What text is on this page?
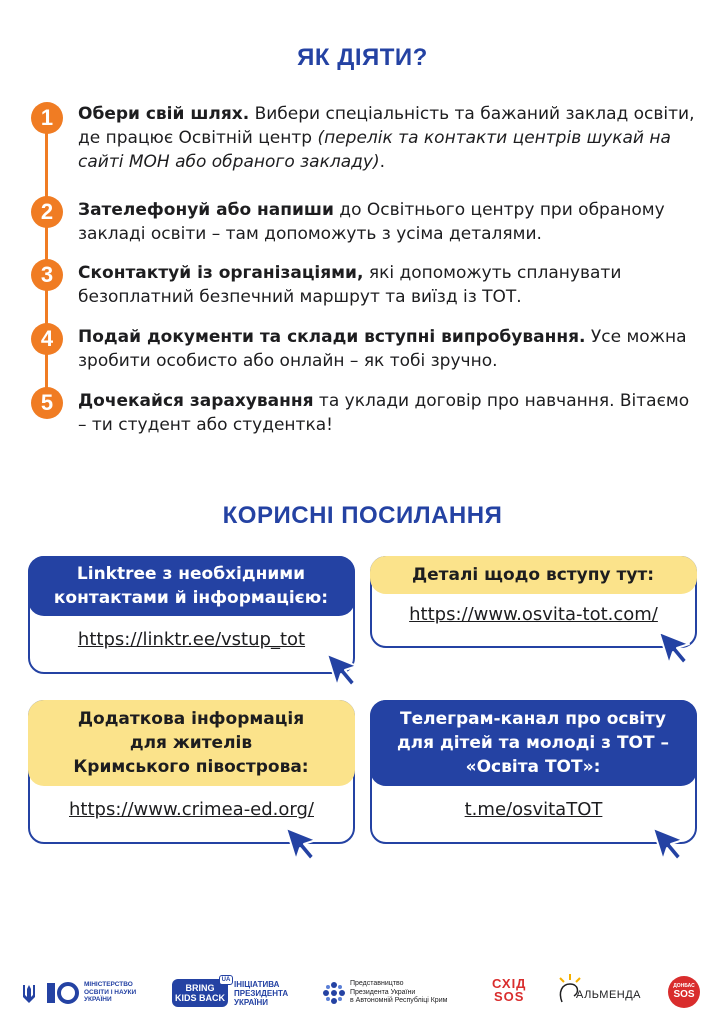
ЯК ДІЯТИ?
1	Обери свій шлях. Вибери спеціальність та бажаний заклад освіти, де працює Освітній центр (перелік та контакти центрів шукай на сайті МОН або обраного закладу).
2	Зателефонуй або напиши до Освітнього центру при обраному закладі освіти – там допоможуть з усіма деталями.
3	Сконтактуй із організаціями, які допоможуть спланувати безоплатний безпечний маршрут та виїзд із ТОТ.
4	Подай документи та склади вступні випробування. Усе можна зробити особисто або онлайн – як тобі зручно.
5	Дочекайся зарахування та уклади договір про навчання. Вітаємо – ти студент або студентка!
КОРИСНІ ПОСИЛАННЯ
Linktree з необхідними
контактами й інформацією:
https://linktr.ee/vstup_tot
Деталі щодо вступу тут:
https://www.osvita-tot.com/
Додаткова інформація
для жителів
Кримського півострова:
https://www.crimea-ed.org/
Телеграм-канал про освіту
для дітей та молоді з ТОТ –
«Освіта ТОТ»:
t.me/osvitaTOT
МІНІСТЕРСТВО
ОСВІТИ І НАУКИ
УКРАЇНИ
BRING
KIDS BACK
UA ІНІЦІАТИВА
ПРЕЗИДЕНТА
УКРАЇНИ
Представництво
Президента України
в Автономній Республіці Крим
СХІД
SOS	АЛЬМЕНДА
ДОНБАС
SOS
